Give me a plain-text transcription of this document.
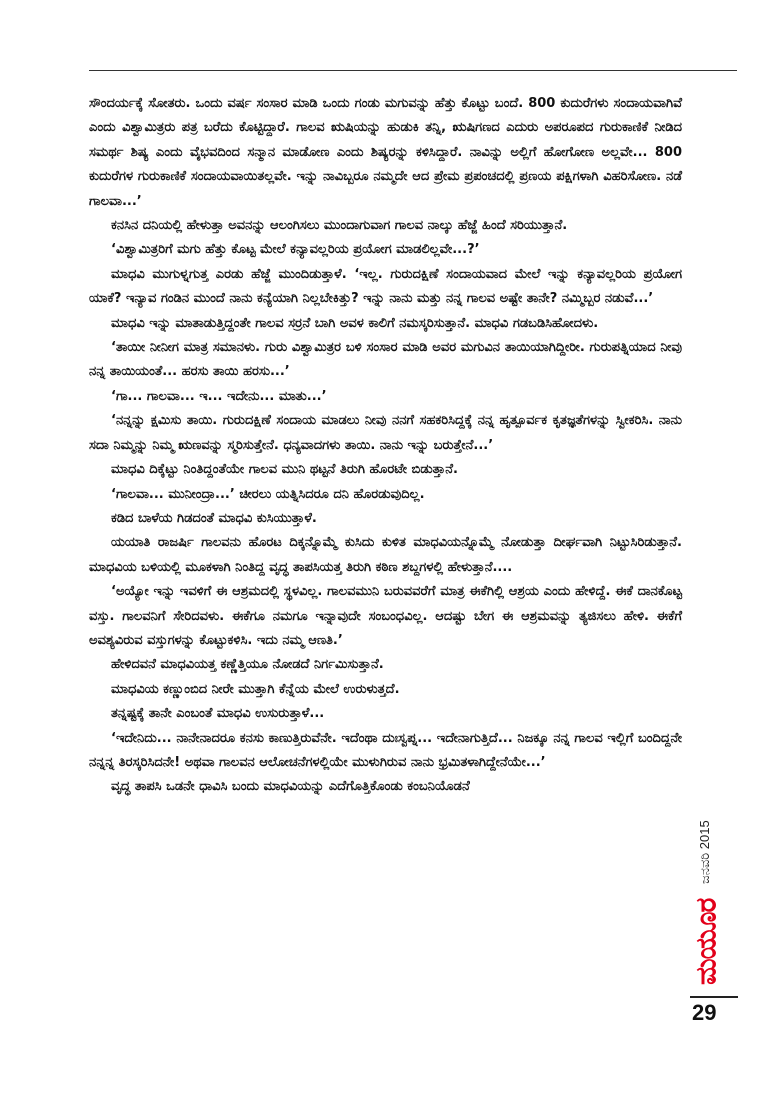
ಸೌಂದರ್ಯಕ್ಕೆ ಸೋತರು. ಒಂದು ವರ್ಷ ಸಂಸಾರ ಮಾಡಿ ಒಂದು ಗಂಡು ಮಗುವನ್ನು ಹೆತ್ತು ಕೊಟ್ಟು ಬಂದೆ. 800 ಕುದುರೆಗಳು ಸಂದಾಯವಾಗಿವೆ ಎಂದು ವಿಶ್ವಾಮಿತ್ರರು ಪತ್ರ ಬರೆದು ಕೊಟ್ಟಿದ್ದಾರೆ. ಗಾಲವ ಋಷಿಯನ್ನು ಹುಡುಕಿ ತನ್ನಿ, ಋಷಿಗಣದ ಎದುರು ಅಪರೂಪದ ಗುರುಕಾಣಿಕೆ ನೀಡಿದ ಸಮರ್ಥ ಶಿಷ್ಯ ಎಂದು ವೈಭವದಿಂದ ಸನ್ಮಾನ ಮಾಡೋಣ ಎಂದು ಶಿಷ್ಯರನ್ನು ಕಳಿಸಿದ್ದಾರೆ. ನಾವಿನ್ನು ಅಲ್ಲಿಗೆ ಹೋಗೋಣ ಅಲ್ಲವೇ... 800 ಕುದುರೆಗಳ ಗುರುಕಾಣಿಕೆ ಸಂದಾಯವಾಯಿತಲ್ಲವೇ. ಇನ್ನು ನಾವಿಬ್ಬರೂ ನಮ್ಮದೇ ಆದ ಪ್ರೇಮ ಪ್ರಪಂಚದಲ್ಲಿ ಪ್ರಣಯ ಪಕ್ಷಿಗಳಾಗಿ ವಿಹರಿಸೋಣ. ನಡೆ ಗಾಲವಾ...’

ಕನಸಿನ ದನಿಯಲ್ಲಿ ಹೇಳುತ್ತಾ ಅವನನ್ನು ಆಲಂಗಿಸಲು ಮುಂದಾಗುವಾಗ ಗಾಲವ ನಾಲ್ಕು ಹೆಜ್ಜೆ ಹಿಂದೆ ಸರಿಯುತ್ತಾನೆ.

‘ವಿಶ್ವಾಮಿತ್ರರಿಗೆ ಮಗು ಹೆತ್ತು ಕೊಟ್ಟ ಮೇಲೆ ಕನ್ಯಾವಲ್ಲರಿಯ ಪ್ರಯೋಗ ಮಾಡಲಿಲ್ಲವೇ...?’

ಮಾಧವಿ ಮುಗುಳ್ನಗುತ್ತ ಎರಡು ಹೆಜ್ಜೆ ಮುಂದಿಡುತ್ತಾಳೆ. ‘ಇಲ್ಲ. ಗುರುದಕ್ಷಿಣೆ ಸಂದಾಯವಾದ ಮೇಲೆ ಇನ್ನು ಕನ್ಯಾವಲ್ಲರಿಯ ಪ್ರಯೋಗ ಯಾಕೆ? ಇನ್ಯಾವ ಗಂಡಿನ ಮುಂದೆ ನಾನು ಕನ್ಯೆಯಾಗಿ ನಿಲ್ಲಬೇಕಿತ್ತು? ಇನ್ನು ನಾನು ಮತ್ತು ನನ್ನ ಗಾಲವ ಅಷ್ಟೇ ತಾನೇ? ನಮ್ಮಿಬ್ಬರ ನಡುವೆ...’

ಮಾಧವಿ ಇನ್ನು ಮಾತಾಡುತ್ತಿದ್ದಂತೇ ಗಾಲವ ಸರ್ರನೆ ಬಾಗಿ ಅವಳ ಕಾಲಿಗೆ ನಮಸ್ಕರಿಸುತ್ತಾನೆ. ಮಾಧವಿ ಗಡಬಡಿಸಿಹೋದಳು.

‘ತಾಯೀ ನೀನೀಗ ಮಾತ್ರ ಸಮಾನಳು. ಗುರು ವಿಶ್ವಾಮಿತ್ರರ ಬಳಿ ಸಂಸಾರ ಮಾಡಿ ಅವರ ಮಗುವಿನ ತಾಯಿಯಾಗಿದ್ದೀರೀ. ಗುರುಪತ್ನಿಯಾದ ನೀವು ನನ್ನ ತಾಯಿಯಂತೆ... ಹರಸು ತಾಯಿ ಹರಸು...’

‘ಗಾ... ಗಾಲವಾ... ಇ... ಇದೇನು... ಮಾತು...’

‘ನನ್ನನ್ನು ಕ್ಷಮಿಸು ತಾಯಿ. ಗುರುದಕ್ಷಿಣೆ ಸಂದಾಯ ಮಾಡಲು ನೀವು ನನಗೆ ಸಹಕರಿಸಿದ್ದಕ್ಕೆ ನನ್ನ ಹೃತ್ಪೂರ್ವಕ ಕೃತಜ್ಞತೆಗಳನ್ನು ಸ್ವೀಕರಿಸಿ. ನಾನು ಸದಾ ನಿಮ್ಮನ್ನು ನಿಮ್ಮ ಋಣವನ್ನು ಸ್ಮರಿಸುತ್ತೇನೆ. ಧನ್ಯವಾದಗಳು ತಾಯಿ. ನಾನು ಇನ್ನು ಬರುತ್ತೇನೆ...’

ಮಾಧವಿ ದಿಕ್ಕೆಟ್ಟು ನಿಂತಿದ್ದಂತೆಯೇ ಗಾಲವ ಮುನಿ ಥಟ್ಟನೆ ತಿರುಗಿ ಹೊರಟೇ ಬಿಡುತ್ತಾನೆ.

‘ಗಾಲವಾ... ಮುನೀಂದ್ರಾ...’ ಚೀರಲು ಯತ್ನಿಸಿದರೂ ದನಿ ಹೊರಡುವುದಿಲ್ಲ.

ಕಡಿದ ಬಾಳೆಯ ಗಿಡದಂತೆ ಮಾಧವಿ ಕುಸಿಯುತ್ತಾಳೆ.

ಯಯಾತಿ ರಾಜರ್ಷಿ ಗಾಲವನು ಹೊರಟ ದಿಕ್ಕನ್ನೊಮ್ಮೆ ಕುಸಿದು ಕುಳಿತ ಮಾಧವಿಯನ್ನೊಮ್ಮೆ ನೋಡುತ್ತಾ ದೀರ್ಘವಾಗಿ ನಿಟ್ಟುಸಿರಿಡುತ್ತಾನೆ. ಮಾಧವಿಯ ಬಳಿಯಲ್ಲಿ ಮೂಕಳಾಗಿ ನಿಂತಿದ್ದ ವೃದ್ಧ ತಾಪಸಿಯತ್ತ ತಿರುಗಿ ಕಠಿಣ ಶಬ್ದಗಳಲ್ಲಿ ಹೇಳುತ್ತಾನೆ....

‘ಅಯ್ಯೋ ಇನ್ನು ಇವಳಿಗೆ ಈ ಆಶ್ರಮದಲ್ಲಿ ಸ್ಥಳವಿಲ್ಲ. ಗಾಲವಮುನಿ ಬರುವವರೆಗೆ ಮಾತ್ರ ಈಕೆಗಿಲ್ಲಿ ಆಶ್ರಯ ಎಂದು ಹೇಳಿದ್ದೆ. ಈಕೆ ದಾನಕೊಟ್ಟ ವಸ್ತು. ಗಾಲವನಿಗೆ ಸೇರಿದವಳು. ಈಕೆಗೂ ನಮಗೂ ಇನ್ನಾವುದೇ ಸಂಬಂಧವಿಲ್ಲ. ಆದಷ್ಟು ಬೇಗ ಈ ಆಶ್ರಮವನ್ನು ತ್ಯಜಿಸಲು ಹೇಳಿ. ಈಕೆಗೆ ಅವಶ್ಯವಿರುವ ವಸ್ತುಗಳನ್ನು ಕೊಟ್ಟುಕಳಿಸಿ. ಇದು ನಮ್ಮ ಆಣತಿ.’

ಹೇಳಿದವನೆ ಮಾಧವಿಯತ್ತ ಕಣ್ಣೆತ್ತಿಯೂ ನೋಡದೆ ನಿರ್ಗಮಿಸುತ್ತಾನೆ.

ಮಾಧವಿಯ ಕಣ್ಣುಂಬಿದ ನೀರೇ ಮುತ್ತಾಗಿ ಕೆನ್ನೆಯ ಮೇಲೆ ಉರುಳುತ್ತದೆ.

ತನ್ನಷ್ಟಕ್ಕೆ ತಾನೇ ಎಂಬಂತೆ ಮಾಧವಿ ಉಸುರುತ್ತಾಳೆ...

‘ಇದೇನಿದು... ನಾನೇನಾದರೂ ಕನಸು ಕಾಣುತ್ತಿರುವೆನೇ. ಇದೆಂಥಾ ದುಃಸ್ವಪ್ನ... ಇದೇನಾಗುತ್ತಿದೆ... ನಿಜಕ್ಕೂ ನನ್ನ ಗಾಲವ ಇಲ್ಲಿಗೆ ಬಂದಿದ್ದನೇ ನನ್ನನ್ನ ತಿರಸ್ಕರಿಸಿದನೇ! ಅಥವಾ ಗಾಲವನ ಆಲೋಚನೆಗಳಲ್ಲಿಯೇ ಮುಳುಗಿರುವ ನಾನು ಭ್ರಮಿತಳಾಗಿದ್ದೇನೆಯೇ...’

ವೃದ್ಧ ತಾಪಸಿ ಒಡನೇ ಧಾವಿಸಿ ಬಂದು ಮಾಧವಿಯನ್ನು ಎದೆಗೊತ್ತಿಕೊಂಡು ಕಂಬನಿಯೊಡನೆ

ಜನವರಿ 2015
ಮಯೂರ
29
